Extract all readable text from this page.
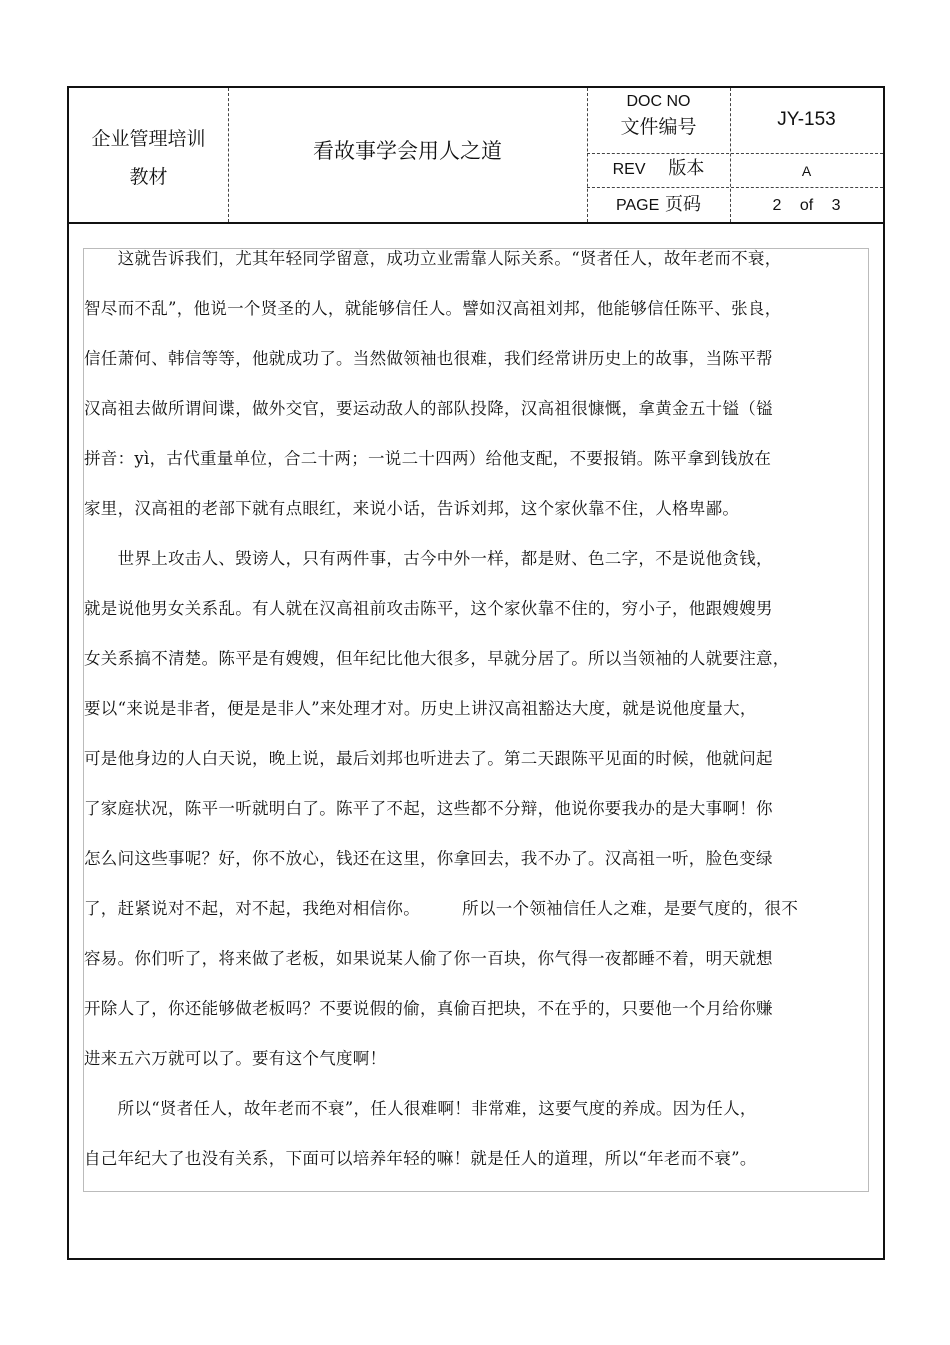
企业管理培训
教材
看故事学会用人之道
DOC NO
文件编号	JY-153
REV 版本	A
PAGE 页码	2 of 3

　　这就告诉我们，尤其年轻同学留意，成功立业需靠人际关系。“贤者任人，故年老而不衰，

智尽而不乱”，他说一个贤圣的人，就能够信任人。譬如汉高祖刘邦，他能够信任陈平、张良，

信任萧何、韩信等等，他就成功了。当然做领袖也很难，我们经常讲历史上的故事，当陈平帮

汉高祖去做所谓间谍，做外交官，要运动敌人的部队投降，汉高祖很慷慨，拿黄金五十镒（镒

拼音：yì，古代重量单位，合二十两；一说二十四两）给他支配，不要报销。陈平拿到钱放在

家里，汉高祖的老部下就有点眼红，来说小话，告诉刘邦，这个家伙靠不住，人格卑鄙。

　　世界上攻击人、毁谤人，只有两件事，古今中外一样，都是财、色二字，不是说他贪钱，

就是说他男女关系乱。有人就在汉高祖前攻击陈平，这个家伙靠不住的，穷小子，他跟嫂嫂男

女关系搞不清楚。陈平是有嫂嫂，但年纪比他大很多，早就分居了。所以当领袖的人就要注意，

要以“来说是非者，便是是非人”来处理才对。历史上讲汉高祖豁达大度，就是说他度量大，

可是他身边的人白天说，晚上说，最后刘邦也听进去了。第二天跟陈平见面的时候，他就问起

了家庭状况，陈平一听就明白了。陈平了不起，这些都不分辩，他说你要我办的是大事啊！你

怎么问这些事呢？好，你不放心，钱还在这里，你拿回去，我不办了。汉高祖一听，脸色变绿

了，赶紧说对不起，对不起，我绝对相信你。　　　所以一个领袖信任人之难，是要气度的，很不

容易。你们听了，将来做了老板，如果说某人偷了你一百块，你气得一夜都睡不着，明天就想

开除人了，你还能够做老板吗？不要说假的偷，真偷百把块，不在乎的，只要他一个月给你赚

进来五六万就可以了。要有这个气度啊！

　　所以“贤者任人，故年老而不衰”，任人很难啊！非常难，这要气度的养成。因为任人，

自己年纪大了也没有关系，下面可以培养年轻的嘛！就是任人的道理，所以“年老而不衰”。
